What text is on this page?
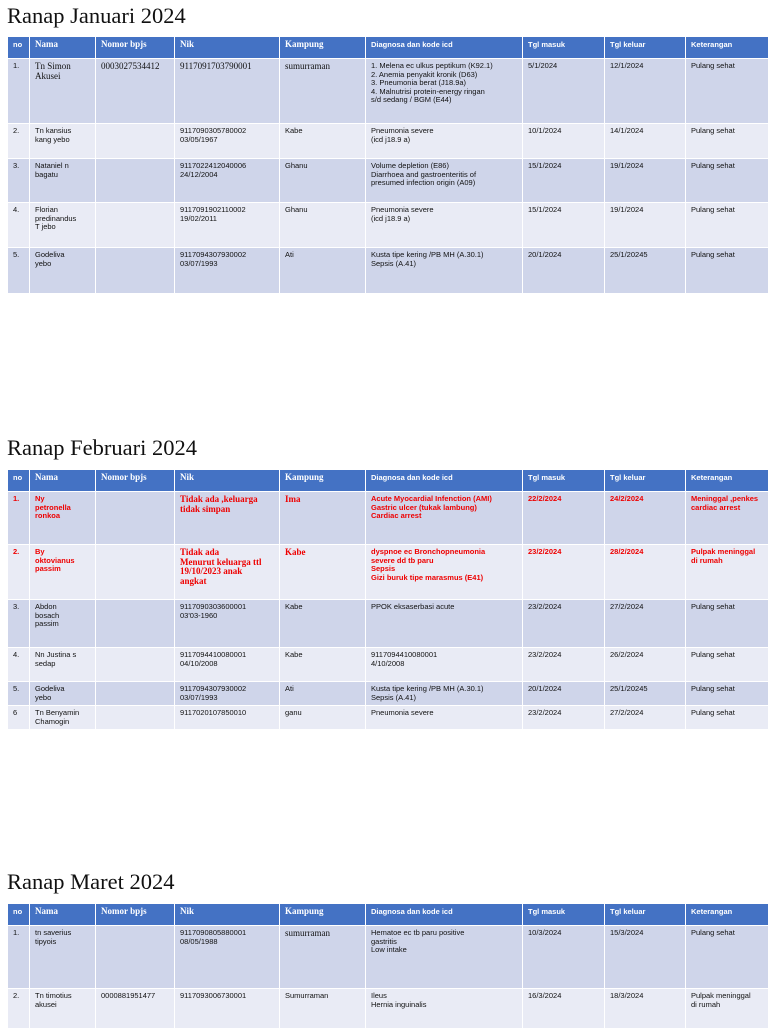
Ranap Januari 2024
no	Nama	Nomor bpjs	Nik	Kampung	Diagnosa dan kode icd	Tgl masuk	Tgl keluar	Keterangan

1.	Tn Simon
Akusei	0003027534412	9117091703790001	sumurraman	1. Melena ec ulkus peptikum (K92.1)
2. Anemia penyakit kronik (D63)
3. Pneumonia berat (J18.9a)
4. Malnutrisi protein-energy ringan
s/d sedang / BGM (E44)	5/1/2024	12/1/2024	Pulang sehat

2.	Tn kansius
kang yebo		9117090305780002
03/05/1967	Kabe	Pneumonia severe
(icd j18.9 a)	10/1/2024	14/1/2024	Pulang sehat

3.	Nataniel n
bagatu		9117022412040006
24/12/2004	Ghanu	Volume depletion (E86)
Diarrhoea and gastroenteritis of
presumed infection origin (A09)	15/1/2024	19/1/2024	Pulang sehat

4.	Florian
predinandus
T jebo		9117091902110002
19/02/2011	Ghanu	Pneumonia severe
(icd j18.9 a)	15/1/2024	19/1/2024	Pulang sehat

5.	Godeliva
yebo		9117094307930002
03/07/1993	Ati	Kusta tipe kering /PB MH (A.30.1)
Sepsis (A.41)	20/1/2024	25/1/20245	Pulang sehat
Ranap Februari 2024
no	Nama	Nomor bpjs	Nik	Kampung	Diagnosa dan kode icd	Tgl masuk	Tgl keluar	Keterangan

1.	Ny
petronella
ronkoa		Tidak ada ,keluarga
tidak simpan	Ima	Acute Myocardial Infenction (AMI)
Gastric ulcer (tukak lambung)
Cardiac arrest	22/2/2024	24/2/2024	Meninggal ,penkes
cardiac arrest

2.	By
oktovianus
passim		Tidak ada
Menurut keluarga ttl
19/10/2023 anak
angkat	Kabe	dyspnoe ec Bronchopneumonia
severe dd tb paru
Sepsis
Gizi buruk tipe marasmus (E41)	23/2/2024	28/2/2024	Pulpak meninggal
di rumah

3.	Abdon
bosach
passim		9117090303600001
03'03-1960	Kabe	PPOK eksaserbasi acute	23/2/2024	27/2/2024	Pulang sehat

4.	Nn Justina s
sedap		9117094410080001
04/10/2008	Kabe	9117094410080001
4/10/2008	23/2/2024	26/2/2024	Pulang sehat

5.	Godeliva
yebo		9117094307930002
03/07/1993	Ati	Kusta tipe kering /PB MH (A.30.1)
Sepsis (A.41)	20/1/2024	25/1/20245	Pulang sehat

6	Tn Benyamin
Chamogin		9117020107850010	ganu	Pneumonia severe	23/2/2024	27/2/2024	Pulang sehat
Ranap Maret 2024
no	Nama	Nomor bpjs	Nik	Kampung	Diagnosa dan kode icd	Tgl masuk	Tgl keluar	Keterangan

1.	tn saverius
tipyois		9117090805880001
08/05/1988	sumurraman	Hematoe ec tb paru positive
gastritis
Low intake	10/3/2024	15/3/2024	Pulang sehat

2.	Tn timotius
akusei	0000881951477	9117093006730001	Sumurraman	Ileus
Hernia inguinalis	16/3/2024	18/3/2024	Pulpak meninggal
di rumah
